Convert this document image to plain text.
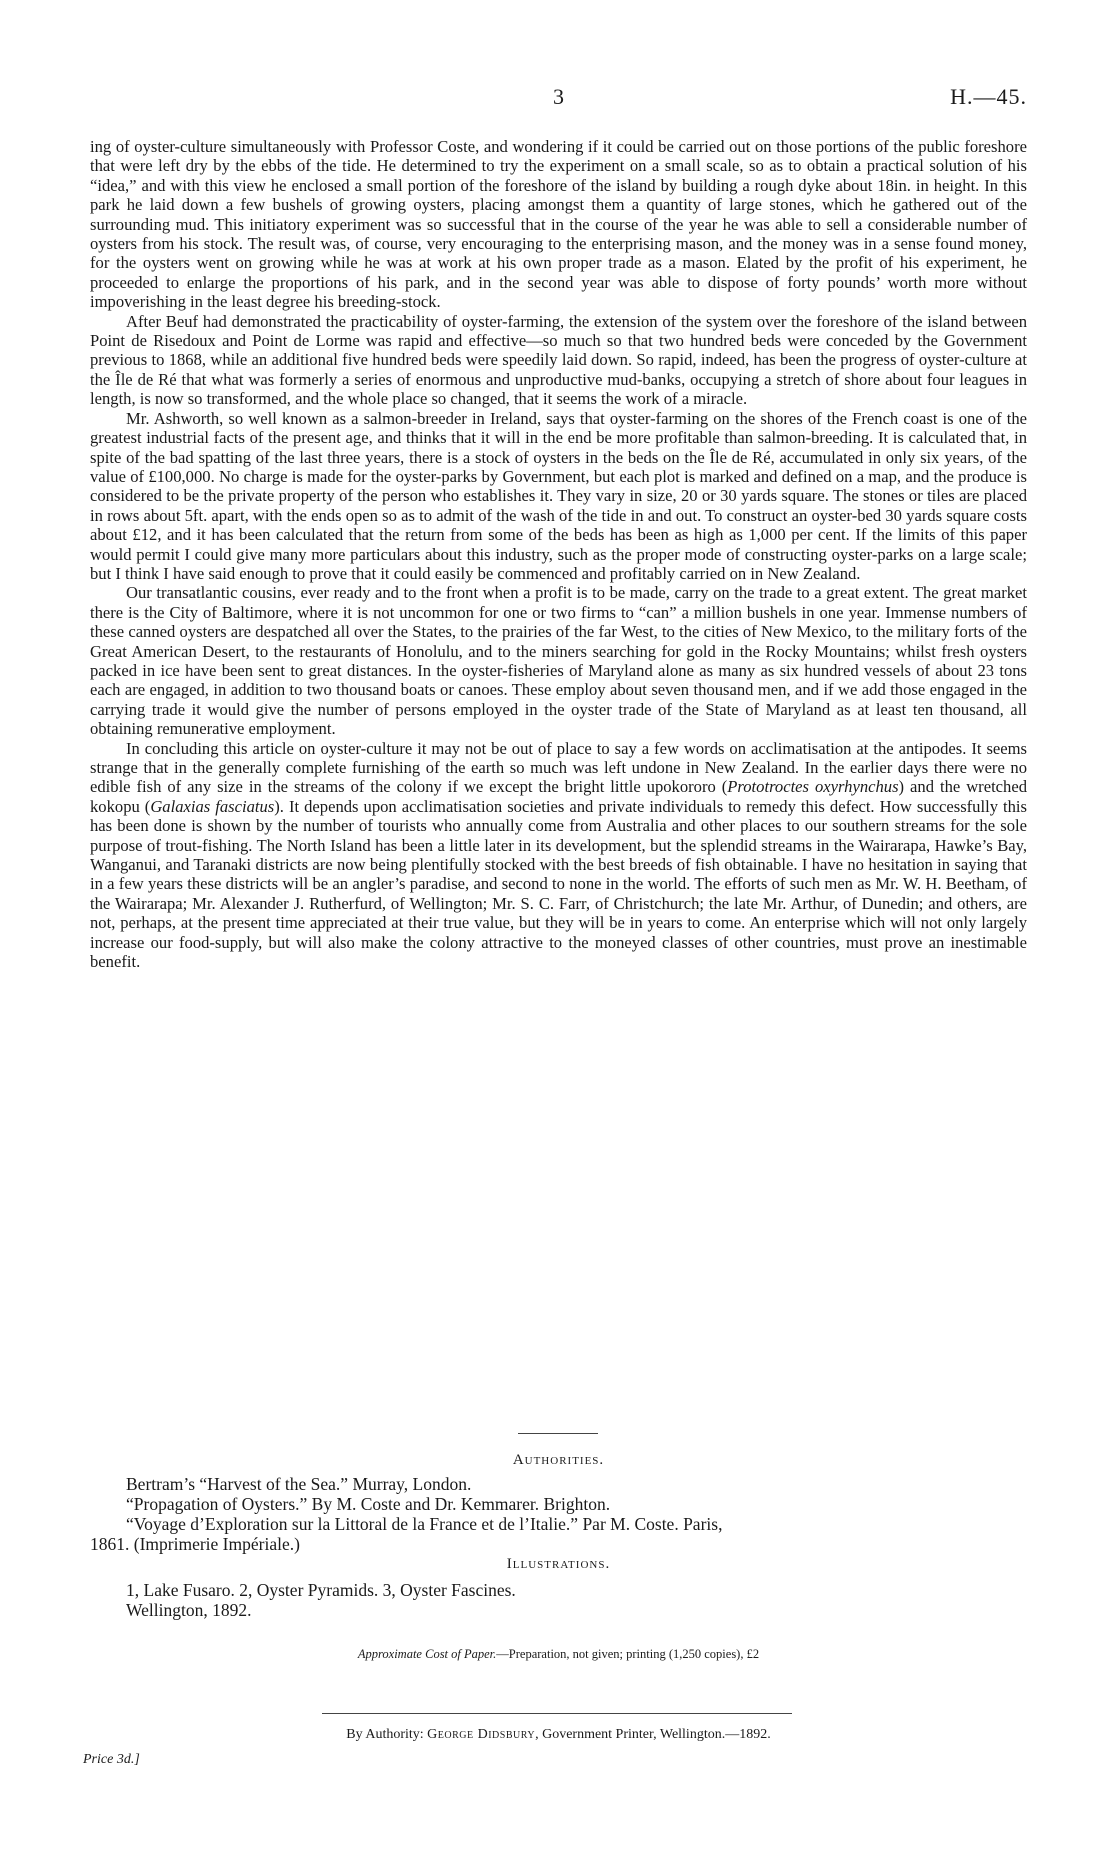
3	H.—45.

ing of oyster-culture simultaneously with Professor Coste, and wondering if it could be carried out on those portions of the public foreshore that were left dry by the ebbs of the tide. He determined to try the experiment on a small scale, so as to obtain a practical solution of his “idea,” and with this view he enclosed a small portion of the foreshore of the island by building a rough dyke about 18in. in height. In this park he laid down a few bushels of growing oysters, placing amongst them a quantity of large stones, which he gathered out of the surrounding mud. This initiatory experiment was so successful that in the course of the year he was able to sell a considerable number of oysters from his stock. The result was, of course, very encouraging to the enterprising mason, and the money was in a sense found money, for the oysters went on growing while he was at work at his own proper trade as a mason. Elated by the profit of his experiment, he proceeded to enlarge the proportions of his park, and in the second year was able to dispose of forty pounds’ worth more without impoverishing in the least degree his breeding-stock.

After Beuf had demonstrated the practicability of oyster-farming, the extension of the system over the foreshore of the island between Point de Risedoux and Point de Lorme was rapid and effective—so much so that two hundred beds were conceded by the Government previous to 1868, while an additional five hundred beds were speedily laid down. So rapid, indeed, has been the progress of oyster-culture at the Île de Ré that what was formerly a series of enormous and unproductive mud-banks, occupying a stretch of shore about four leagues in length, is now so transformed, and the whole place so changed, that it seems the work of a miracle.

Mr. Ashworth, so well known as a salmon-breeder in Ireland, says that oyster-farming on the shores of the French coast is one of the greatest industrial facts of the present age, and thinks that it will in the end be more profitable than salmon-breeding. It is calculated that, in spite of the bad spatting of the last three years, there is a stock of oysters in the beds on the Île de Ré, accumulated in only six years, of the value of £100,000. No charge is made for the oyster-parks by Government, but each plot is marked and defined on a map, and the produce is considered to be the private property of the person who establishes it. They vary in size, 20 or 30 yards square. The stones or tiles are placed in rows about 5ft. apart, with the ends open so as to admit of the wash of the tide in and out. To construct an oyster-bed 30 yards square costs about £12, and it has been calculated that the return from some of the beds has been as high as 1,000 per cent. If the limits of this paper would permit I could give many more particulars about this industry, such as the proper mode of constructing oyster-parks on a large scale; but I think I have said enough to prove that it could easily be commenced and profitably carried on in New Zealand.

Our transatlantic cousins, ever ready and to the front when a profit is to be made, carry on the trade to a great extent. The great market there is the City of Baltimore, where it is not uncommon for one or two firms to “can” a million bushels in one year. Immense numbers of these canned oysters are despatched all over the States, to the prairies of the far West, to the cities of New Mexico, to the military forts of the Great American Desert, to the restaurants of Honolulu, and to the miners searching for gold in the Rocky Mountains; whilst fresh oysters packed in ice have been sent to great distances. In the oyster-fisheries of Maryland alone as many as six hundred vessels of about 23 tons each are engaged, in addition to two thousand boats or canoes. These employ about seven thousand men, and if we add those engaged in the carrying trade it would give the number of persons employed in the oyster trade of the State of Maryland as at least ten thousand, all obtaining remunerative employment.

In concluding this article on oyster-culture it may not be out of place to say a few words on acclimatisation at the antipodes. It seems strange that in the generally complete furnishing of the earth so much was left undone in New Zealand. In the earlier days there were no edible fish of any size in the streams of the colony if we except the bright little upokororo (Prototroctes oxyrhynchus) and the wretched kokopu (Galaxias fasciatus). It depends upon acclimatisation societies and private individuals to remedy this defect. How successfully this has been done is shown by the number of tourists who annually come from Australia and other places to our southern streams for the sole purpose of trout-fishing. The North Island has been a little later in its development, but the splendid streams in the Wairarapa, Hawke’s Bay, Wanganui, and Taranaki districts are now being plentifully stocked with the best breeds of fish obtainable. I have no hesitation in saying that in a few years these districts will be an angler’s paradise, and second to none in the world. The efforts of such men as Mr. W. H. Beetham, of the Wairarapa; Mr. Alexander J. Rutherfurd, of Wellington; Mr. S. C. Farr, of Christchurch; the late Mr. Arthur, of Dunedin; and others, are not, perhaps, at the present time appreciated at their true value, but they will be in years to come. An enterprise which will not only largely increase our food-supply, but will also make the colony attractive to the moneyed classes of other countries, must prove an inestimable benefit.

Authorities.
Bertram’s “Harvest of the Sea.” Murray, London.
“Propagation of Oysters.” By M. Coste and Dr. Kemmarer. Brighton.
“Voyage d’Exploration sur la Littoral de la France et de l’Italie.” Par M. Coste. Paris,
1861. (Imprimerie Impériale.)
Illustrations.
1, Lake Fusaro. 2, Oyster Pyramids. 3, Oyster Fascines.
Wellington, 1892.
Approximate Cost of Paper.—Preparation, not given; printing (1,250 copies), £2
By Authority: George Didsbury, Government Printer, Wellington.—1892.
Price 3d.]
